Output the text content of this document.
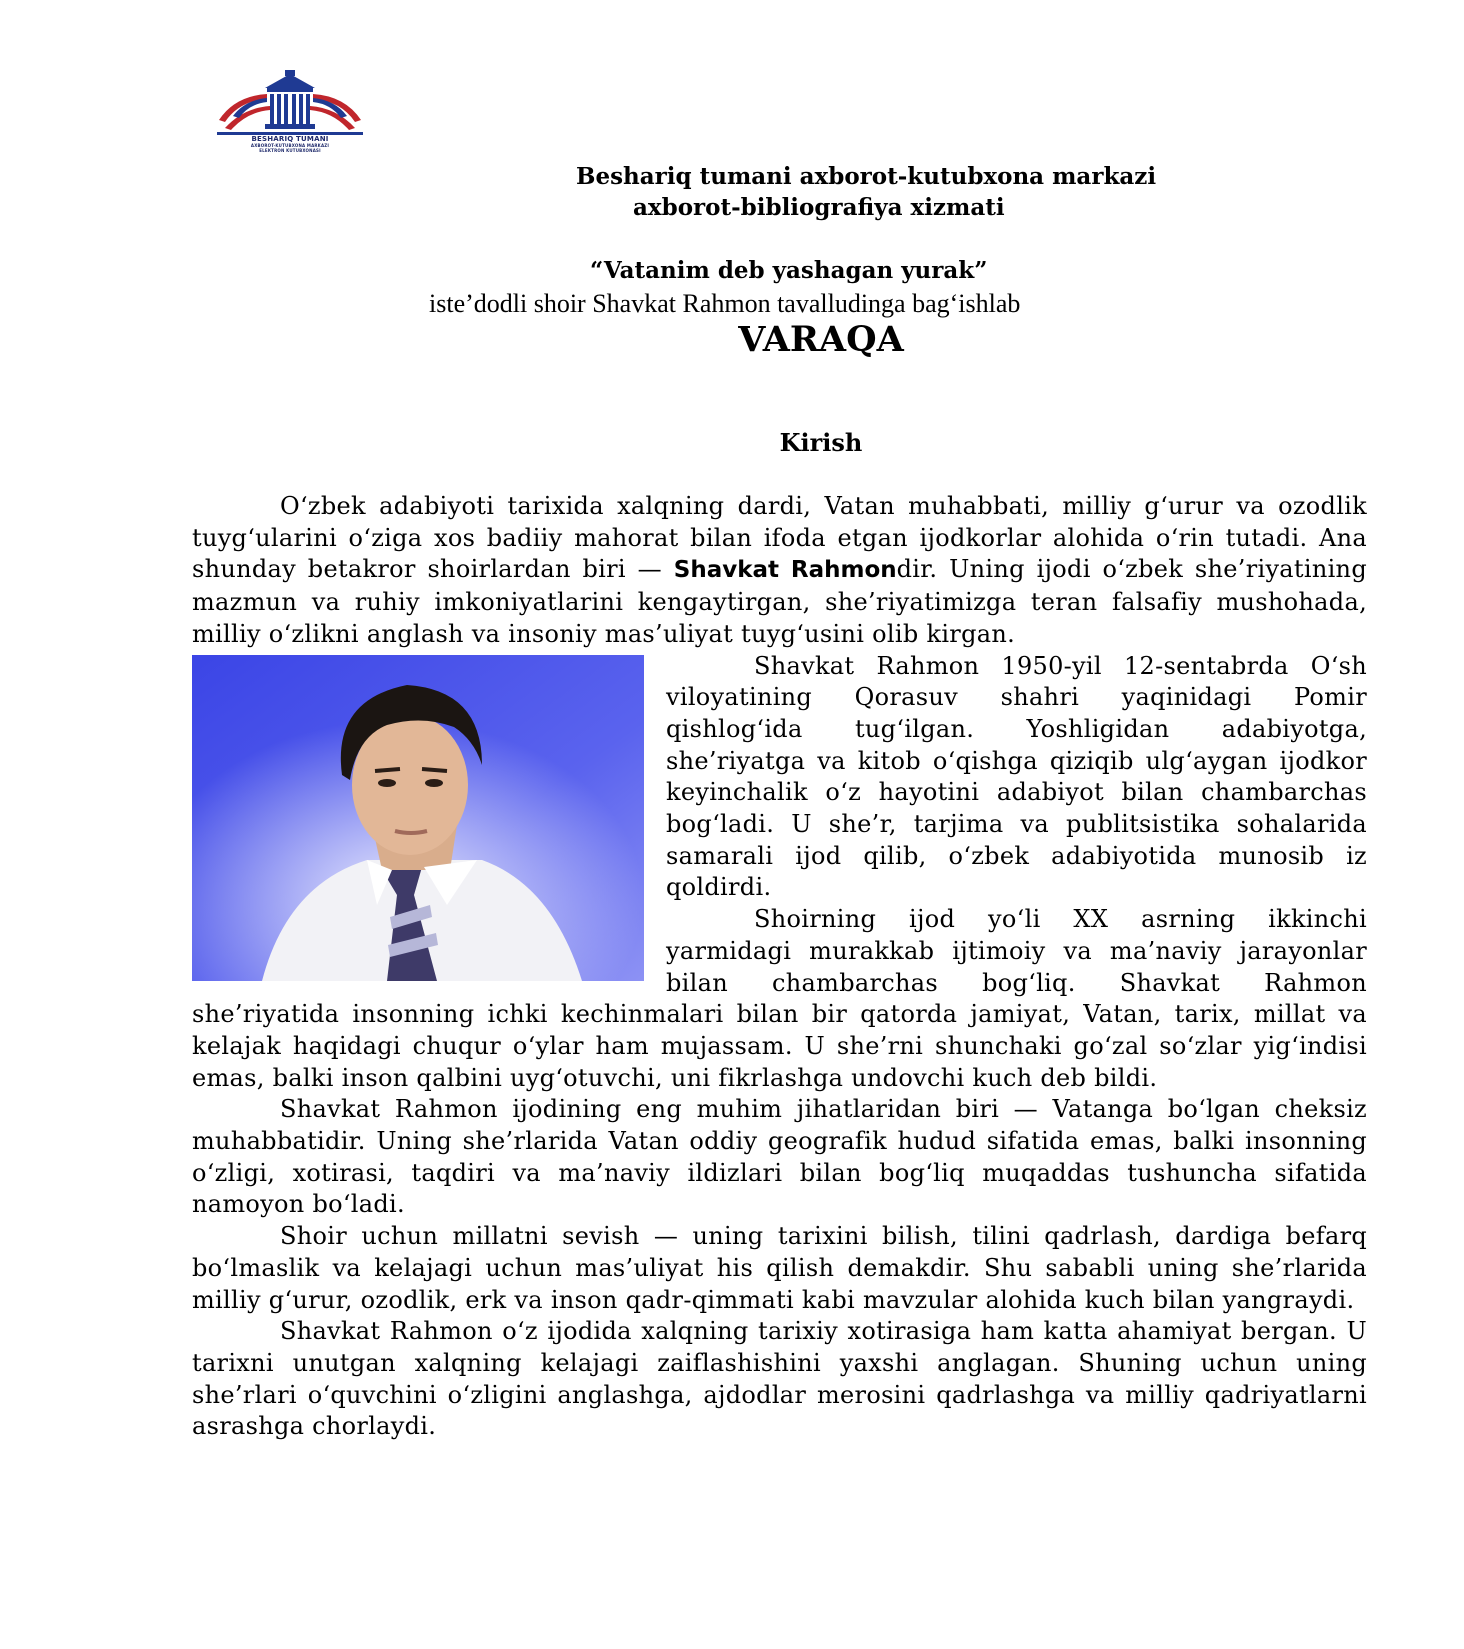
BESHARIQ TUMANI
AXBOROT-KUTUBXONA MARKAZI
ELEKTRON KUTUBXONASI
Beshariq tumani axborot-kutubxona markazi
axborot-bibliografiya xizmati
“Vatanim deb yashagan yurak”
iste’dodli shoir Shavkat Rahmon tavalludinga bag‘ishlab
VARAQA
Kirish

O‘zbek adabiyoti tarixida xalqning dardi, Vatan muhabbati, milliy g‘urur va ozodlik tuyg‘ularini o‘ziga xos badiiy mahorat bilan ifoda etgan ijodkorlar alohida o‘rin tutadi. Ana shunday betakror shoirlardan biri — Shavkat Rahmondir. Uning ijodi o‘zbek she’riyatining mazmun va ruhiy imkoniyatlarini kengaytirgan, she’riyatimizga teran falsafiy mushohada, milliy o‘zlikni anglash va insoniy mas’uliyat tuyg‘usini olib kirgan.

Shavkat Rahmon 1950-yil 12-sentabrda O‘sh viloyatining Qorasuv shahri yaqinidagi Pomir qishlog‘ida tug‘ilgan. Yoshligidan adabiyotga, she’riyatga va kitob o‘qishga qiziqib ulg‘aygan ijodkor keyinchalik o‘z hayotini adabiyot bilan chambarchas bog‘ladi. U she’r, tarjima va publitsistika sohalarida samarali ijod qilib, o‘zbek adabiyotida munosib iz qoldirdi.

Shoirning ijod yo‘li XX asrning ikkinchi yarmidagi murakkab ijtimoiy va ma’naviy jarayonlar bilan chambarchas bog‘liq. Shavkat Rahmon she’riyatida insonning ichki kechinmalari bilan bir qatorda jamiyat, Vatan, tarix, millat va kelajak haqidagi chuqur o‘ylar ham mujassam. U she’rni shunchaki go‘zal so‘zlar yig‘indisi emas, balki inson qalbini uyg‘otuvchi, uni fikrlashga undovchi kuch deb bildi.

Shavkat Rahmon ijodining eng muhim jihatlaridan biri — Vatanga bo‘lgan cheksiz muhabbatidir. Uning she’rlarida Vatan oddiy geografik hudud sifatida emas, balki insonning o‘zligi, xotirasi, taqdiri va ma’naviy ildizlari bilan bog‘liq muqaddas tushuncha sifatida namoyon bo‘ladi.

Shoir uchun millatni sevish — uning tarixini bilish, tilini qadrlash, dardiga befarq bo‘lmaslik va kelajagi uchun mas’uliyat his qilish demakdir. Shu sababli uning she’rlarida milliy g‘urur, ozodlik, erk va inson qadr-qimmati kabi mavzular alohida kuch bilan yangraydi.

Shavkat Rahmon o‘z ijodida xalqning tarixiy xotirasiga ham katta ahamiyat bergan. U tarixni unutgan xalqning kelajagi zaiflashishini yaxshi anglagan. Shuning uchun uning she’rlari o‘quvchini o‘zligini anglashga, ajdodlar merosini qadrlashga va milliy qadriyatlarni asrashga chorlaydi.
